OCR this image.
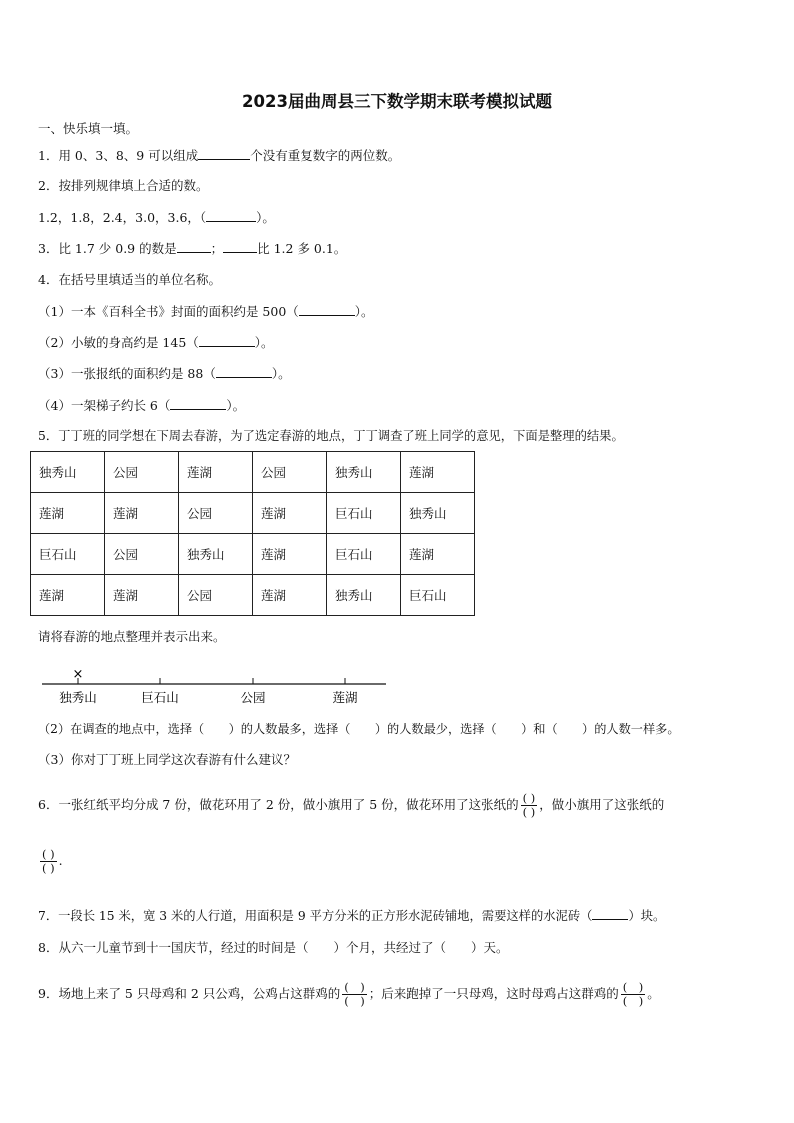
2023届曲周县三下数学期末联考模拟试题
一、快乐填一填。
1．用 0、3、8、9 可以组成	个没有重复数字的两位数。
2．按排列规律填上合适的数。
1.2，1.8，2.4，3.0，3.6，（	）。
3．比 1.7 少 0.9 的数是	；	比 1.2 多 0.1。
4．在括号里填适当的单位名称。
（1）一本《百科全书》封面的面积约是 500（	）。
（2）小敏的身高约是 145（	）。
（3）一张报纸的面积约是 88（	）。
（4）一架梯子约长 6（	）。
5．丁丁班的同学想在下周去春游，为了选定春游的地点，丁丁调查了班上同学的意见，下面是整理的结果。
独秀山	公园	莲湖	公园	独秀山	莲湖
莲湖	莲湖	公园	莲湖	巨石山	独秀山
巨石山	公园	独秀山	莲湖	巨石山	莲湖
莲湖	莲湖	公园	莲湖	独秀山	巨石山
请将春游的地点整理并表示出来。
×
独秀山	巨石山	公园	莲湖
（2）在调查的地点中，选择（　　）的人数最多，选择（　　）的人数最少，选择（　　）和（　　）的人数一样多。
（3）你对丁丁班上同学这次春游有什么建议？
6．一张红纸平均分成 7 份，做花环用了 2 份，做小旗用了 5 份，做花环用了这张纸的 $\frac{( )}{( )}$ ，做小旗用了这张纸的
$\frac{( )}{( )}$ .
7．一段长 15 米，宽 3 米的人行道，用面积是 9 平方分米的正方形水泥砖铺地，需要这样的水泥砖（	）块。
8．从六一儿童节到十一国庆节，经过的时间是（　　）个月，共经过了（　　）天。
9．场地上来了 5 只母鸡和 2 只公鸡，公鸡占这群鸡的 $\frac{( )}{( )}$ ；后来跑掉了一只母鸡，这时母鸡占这群鸡的 $\frac{( )}{( )}$ 。
